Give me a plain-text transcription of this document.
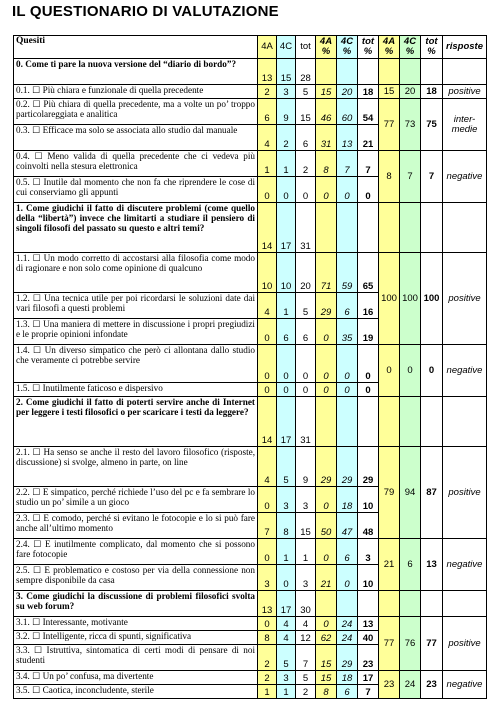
IL QUESTIONARIO DI VALUTAZIONE
Quesiti	4A	4C	tot	4A %	4C %	tot %	4A %	4C %	tot %	risposte
0. Come ti pare la nuova versione del “diario di bordo”?	13	15	28							
0.1. ☐ Più chiara e funzionale di quella precedente	2	3	5	15	20	18	15	20	18	positive
0.2. ☐ Più chiara di quella precedente, ma a volte un po’ troppo particolareggiata e analitica	6	9	15	46	60	54	77	73	75	inter-medie
0.3. ☐ Efficace ma solo se associata allo studio dal manuale	4	2	6	31	13	21				
0.4. ☐ Meno valida di quella precedente che ci vedeva più coinvolti nella stesura elettronica	1	1	2	8	7	7	8	7	7	negative
0.5. ☐ Inutile dal momento che non fa che riprendere le cose di cui conserviamo gli appunti	0	0	0	0	0	0				
1. Come giudichi il fatto di discutere problemi (come quello della “libertà”) invece che limitarti a studiare il pensiero di singoli filosofi del passato su questo e altri temi?	14	17	31							
1.1. ☐ Un modo corretto di accostarsi alla filosofia come modo di ragionare e non solo come opinione di qualcuno	10	10	20	71	59	65	100	100	100	positive
1.2. ☐ Una tecnica utile per poi ricordarsi le soluzioni date dai vari filosofi a questi problemi	4	1	5	29	6	16				
1.3. ☐ Una maniera di mettere in discussione i propri pregiudizi e le proprie opinioni infondate	0	6	6	0	35	19				
1.4. ☐ Un diverso simpatico che però ci allontana dallo studio che veramente ci potrebbe servire	0	0	0	0	0	0	0	0	0	negative
1.5. ☐ Inutilmente faticoso e dispersivo	0	0	0	0	0	0				
2. Come giudichi il fatto di poterti servire anche di Internet per leggere i testi filosofici o per scaricare i testi da leggere?	14	17	31							
2.1. ☐ Ha senso se anche il resto del lavoro filosofico (risposte, discussione) si svolge, almeno in parte, on line	4	5	9	29	29	29	79	94	87	positive
2.2. ☐ E simpatico, perché richiede l’uso del pc e fa sembrare lo studio un po’ simile a un gioco	0	3	3	0	18	10				
2.3. ☐ E comodo, perché si evitano le fotocopie e lo si può fare anche all’ultimo momento	7	8	15	50	47	48				
2.4. ☐ E inutilmente complicato, dal momento che si possono fare fotocopie	0	1	1	0	6	3	21	6	13	negative
2.5. ☐ E problematico e costoso per via della connessione non sempre disponibile da casa	3	0	3	21	0	10				
3. Come giudichi la discussione di problemi filosofici svolta su web forum?	13	17	30							
3.1. ☐ Interessante, motivante	0	4	4	0	24	13	77	76	77	positive
3.2. ☐ Intelligente, ricca di spunti, significativa	8	4	12	62	24	40				
3.3. ☐ Istruttiva, sintomatica di certi modi di pensare di noi studenti	2	5	7	15	29	23				
3.4. ☐ Un po’ confusa, ma divertente	2	3	5	15	18	17	23	24	23	negative
3.5. ☐ Caotica, inconcludente, sterile	1	1	2	8	6	7				
